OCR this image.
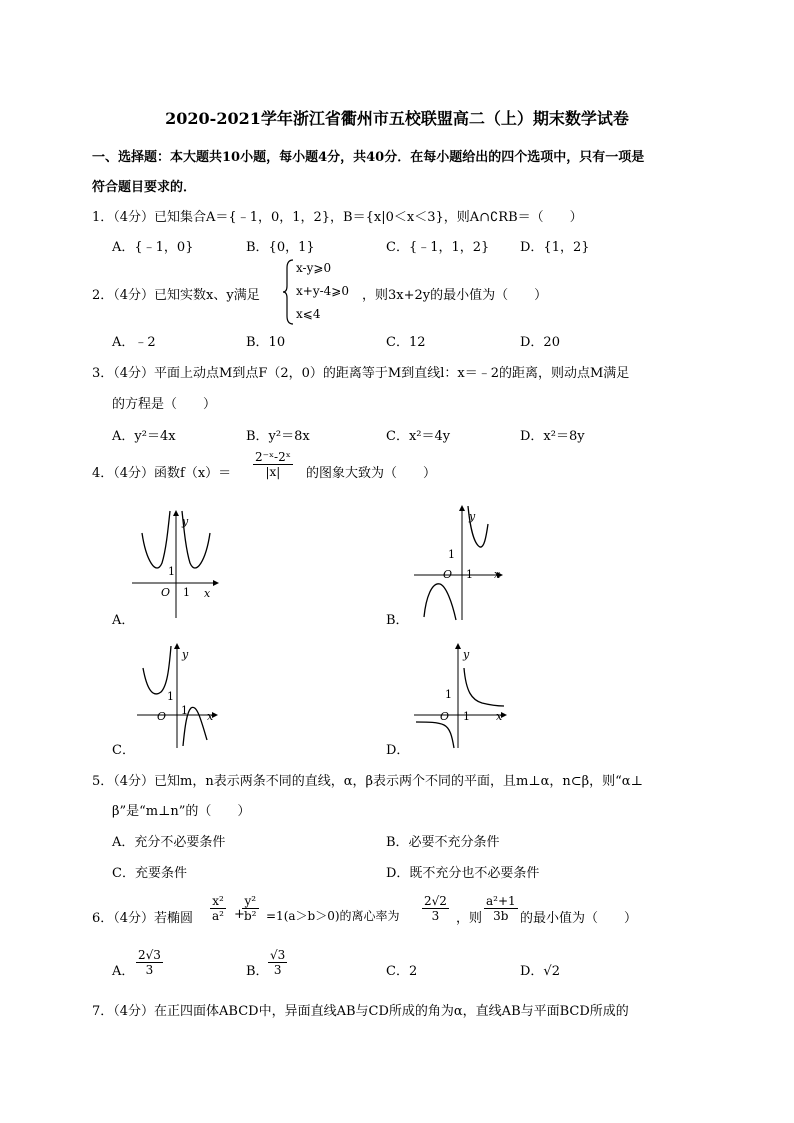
2020-2021学年浙江省衢州市五校联盟高二（上）期末数学试卷
一、选择题：本大题共10小题，每小题4分，共40分．在每小题给出的四个选项中，只有一项是
符合题目要求的．
1．（4分）已知集合A＝{﹣1，0，1，2}，B＝{x|0＜x＜3}，则A∩∁RB＝（　　）
A．{﹣1，0}	B．{0，1}	C．{﹣1，1，2} D．{1，2}
2．（4分）已知实数x、y满足
x-y⩾0
x+y-4⩾0
x⩽4
，则3x+2y的最小值为（　　）
A．﹣2	B．10	C．12	D．20
3．（4分）平面上动点M到点F（2，0）的距离等于M到直线l：x＝﹣2的距离，则动点M满足
的方程是（　　）
A．y²＝4x	B．y²＝8x	C．x²＝4y	D．x²＝8y
4．（4分）函数$f(x)= \frac{\text{2⁻ˣ-2ˣ}}{|x|}$ 的图象大致为（　　）
y
x
O 1
1
A．
y
x
O 1
1
B．
y
x
O 1
1
C．
y
x
O 1
1
D．
5．（4分）已知m，n表示两条不同的直线，α，β表示两个不同的平面，且m⊥α，n⊂β，则“α⊥
β”是“m⊥n”的（　　）
A．充分不必要条件	B．必要不充分条件
C．充要条件	D．既不充分也不必要条件
6．（4分）若椭圆 $\frac{\text{x²}}{\text{a²}}$ +
$\frac{\text{y²}}{\text{b²}} =1(a>b>0)$的离心率为 $\frac{2√2}{3}$ ，则 $\frac{\text{a²+1}}{3b}$ 的最小值为（　　）
A． $\frac{2√3}{3}$	B． $\frac{√3}{3}$	C．2	D．√2
7．（4分）在正四面体ABCD中，异面直线AB与CD所成的角为α，直线AB与平面BCD所成的
